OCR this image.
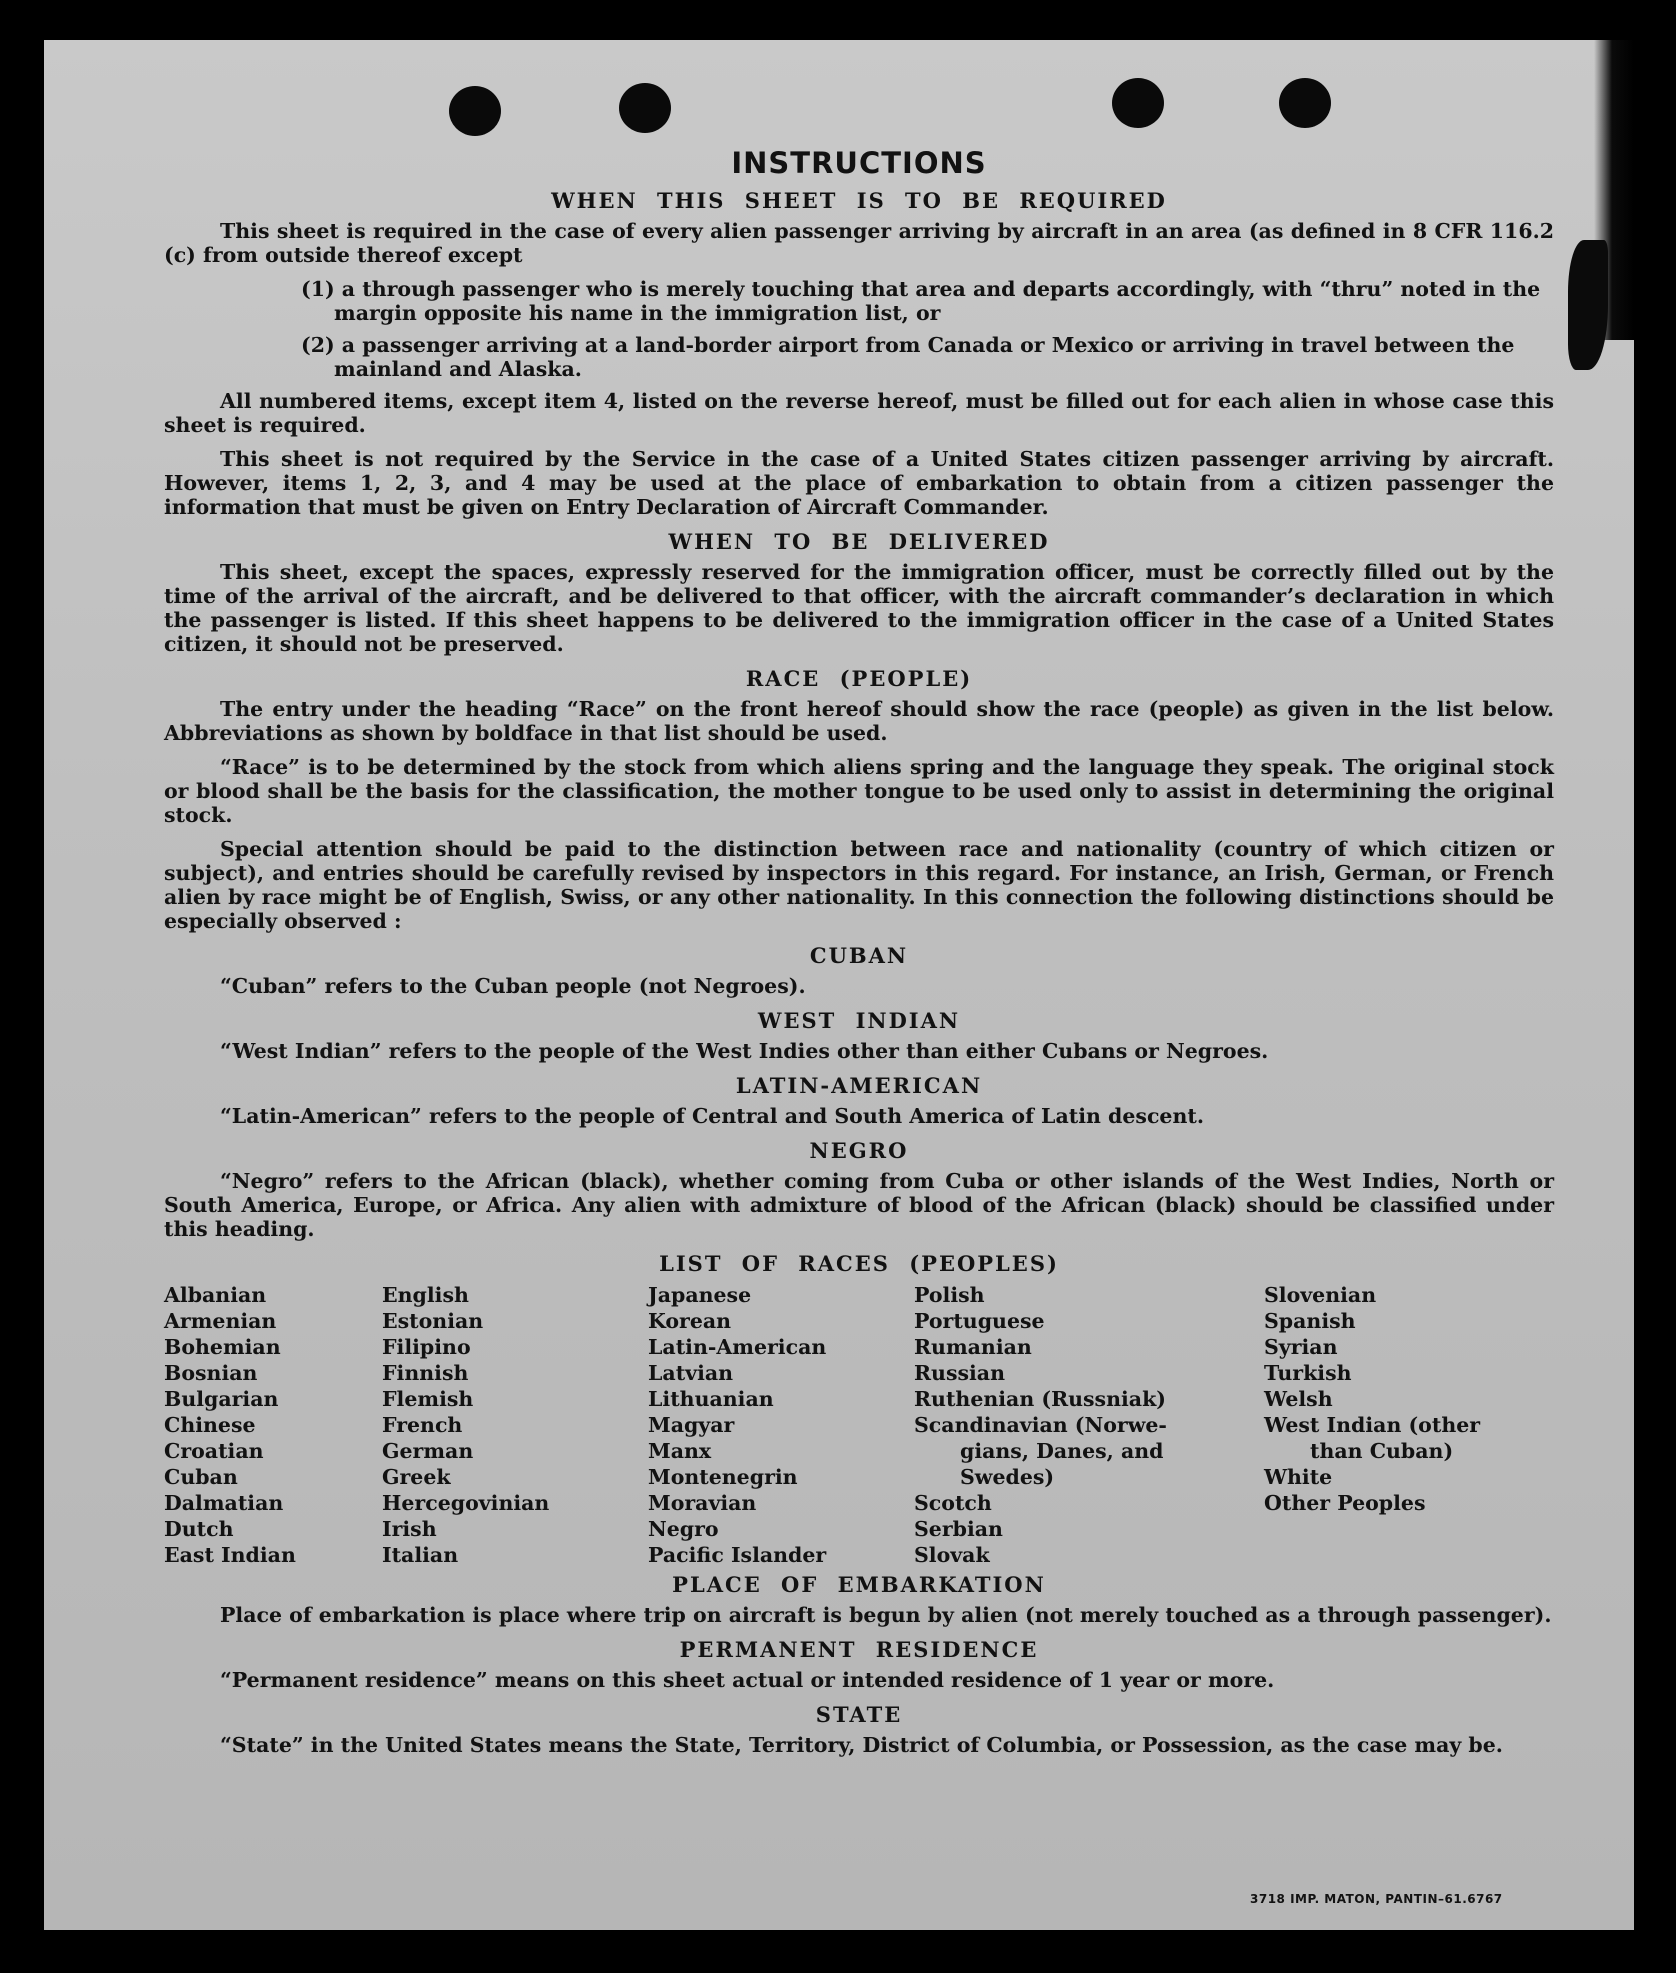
INSTRUCTIONS
WHEN THIS SHEET IS TO BE REQUIRED

This sheet is required in the case of every alien passenger arriving by aircraft in an area (as defined in 8 CFR 116.2 (c) from outside thereof except

(1) a through passenger who is merely touching that area and departs accordingly, with “thru” noted in the margin opposite his name in the immigration list, or
(2) a passenger arriving at a land-border airport from Canada or Mexico or arriving in travel between the mainland and Alaska.

All numbered items, except item 4, listed on the reverse hereof, must be filled out for each alien in whose case this sheet is required.

This sheet is not required by the Service in the case of a United States citizen passenger arriving by aircraft. However, items 1, 2, 3, and 4 may be used at the place of embarkation to obtain from a citizen passenger the information that must be given on Entry Declaration of Aircraft Commander.

WHEN TO BE DELIVERED

This sheet, except the spaces, expressly reserved for the immigration officer, must be correctly filled out by the time of the arrival of the aircraft, and be delivered to that officer, with the aircraft commander’s declaration in which the passenger is listed. If this sheet happens to be delivered to the immigration officer in the case of a United States citizen, it should not be preserved.

RACE (PEOPLE)

The entry under the heading “Race” on the front hereof should show the race (people) as given in the list below. Abbreviations as shown by boldface in that list should be used.

“Race” is to be determined by the stock from which aliens spring and the language they speak. The original stock or blood shall be the basis for the classification, the mother tongue to be used only to assist in determining the original stock.

Special attention should be paid to the distinction between race and nationality (country of which citizen or subject), and entries should be carefully revised by inspectors in this regard. For instance, an Irish, German, or French alien by race might be of English, Swiss, or any other nationality. In this connection the following distinctions should be especially observed :

CUBAN

“Cuban” refers to the Cuban people (not Negroes).

WEST INDIAN

“West Indian” refers to the people of the West Indies other than either Cubans or Negroes.

LATIN-AMERICAN

“Latin-American” refers to the people of Central and South America of Latin descent.

NEGRO

“Negro” refers to the African (black), whether coming from Cuba or other islands of the West Indies, North or South America, Europe, or Africa. Any alien with admixture of blood of the African (black) should be classified under this heading.

LIST OF RACES (PEOPLES)
Albanian
Armenian
Bohemian
Bosnian
Bulgarian
Chinese
Croatian
Cuban
Dalmatian
Dutch
East Indian
English
Estonian
Filipino
Finnish
Flemish
French
German
Greek
Hercegovinian
Irish
Italian
Japanese
Korean
Latin-American
Latvian
Lithuanian
Magyar
Manx
Montenegrin
Moravian
Negro
Pacific Islander
Polish
Portuguese
Rumanian
Russian
Ruthenian (Russniak)
Scandinavian (Norwe-
gians, Danes, and
Swedes)
Scotch
Serbian
Slovak
Slovenian
Spanish
Syrian
Turkish
Welsh
West Indian (other
than Cuban)
White
Other Peoples
PLACE OF EMBARKATION

Place of embarkation is place where trip on aircraft is begun by alien (not merely touched as a through passenger).

PERMANENT RESIDENCE

“Permanent residence” means on this sheet actual or intended residence of 1 year or more.

STATE

“State” in the United States means the State, Territory, District of Columbia, or Possession, as the case may be.

3718 IMP. MATON, PANTIN–61.6767
